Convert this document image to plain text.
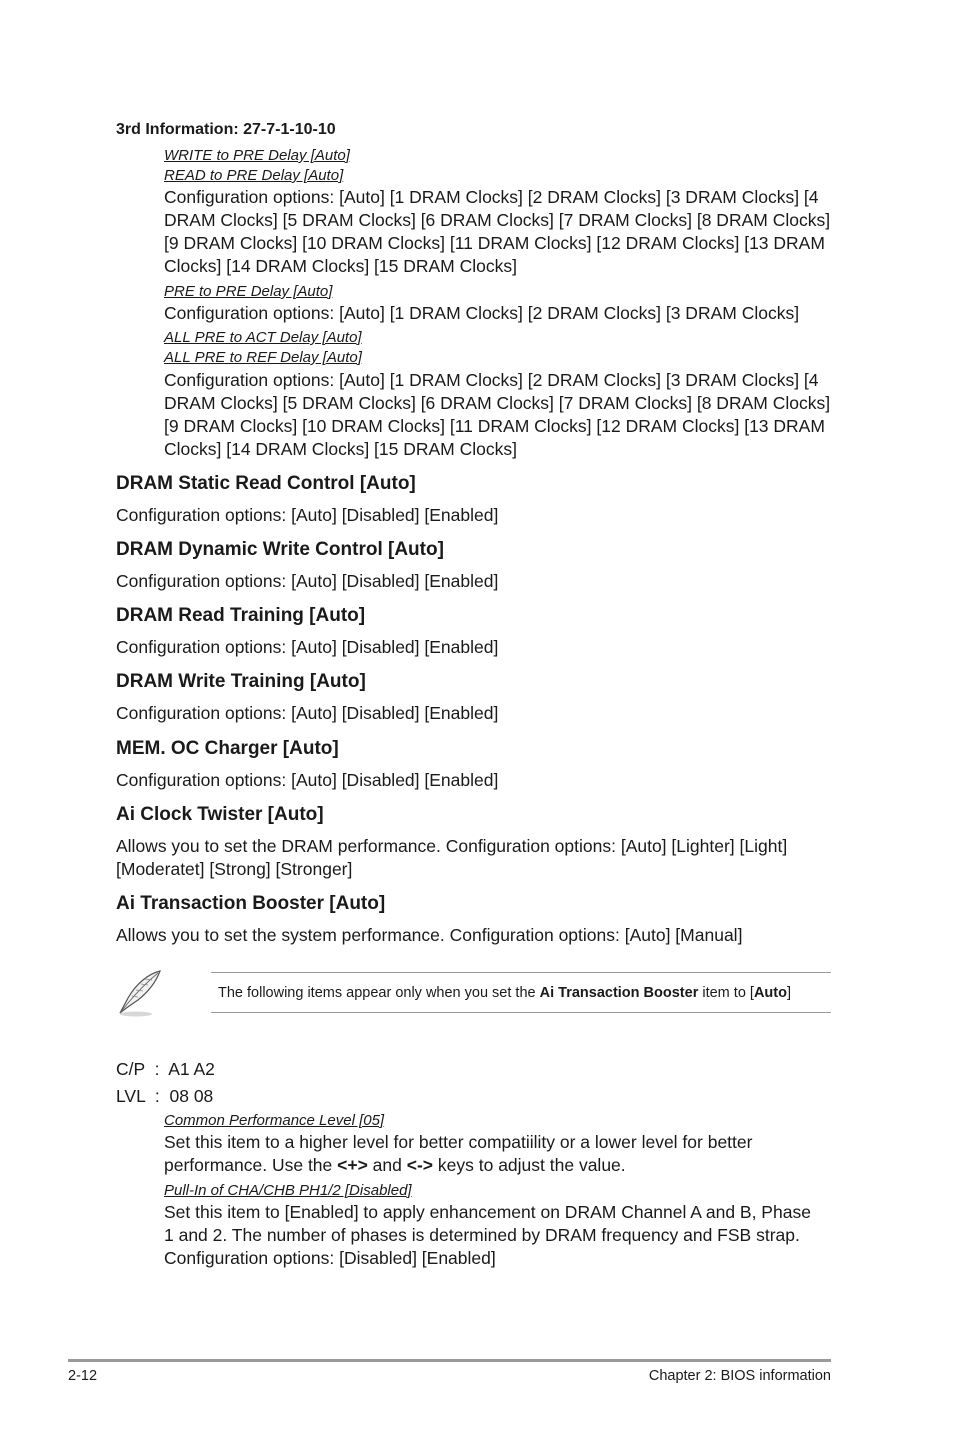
3rd Information: 27-7-1-10-10
WRITE to PRE Delay [Auto]
READ to PRE Delay [Auto]
Configuration options: [Auto] [1 DRAM Clocks] [2 DRAM Clocks] [3 DRAM Clocks] [4
DRAM Clocks] [5 DRAM Clocks] [6 DRAM Clocks] [7 DRAM Clocks] [8 DRAM Clocks]
[9 DRAM Clocks] [10 DRAM Clocks] [11 DRAM Clocks] [12 DRAM Clocks] [13 DRAM
Clocks] [14 DRAM Clocks] [15 DRAM Clocks]
PRE to PRE Delay [Auto]
Configuration options: [Auto] [1 DRAM Clocks] [2 DRAM Clocks] [3 DRAM Clocks]
ALL PRE to ACT Delay [Auto]
ALL PRE to REF Delay [Auto]
Configuration options: [Auto] [1 DRAM Clocks] [2 DRAM Clocks] [3 DRAM Clocks] [4
DRAM Clocks] [5 DRAM Clocks] [6 DRAM Clocks] [7 DRAM Clocks] [8 DRAM Clocks]
[9 DRAM Clocks] [10 DRAM Clocks] [11 DRAM Clocks] [12 DRAM Clocks] [13 DRAM
Clocks] [14 DRAM Clocks] [15 DRAM Clocks]
DRAM Static Read Control [Auto]
Configuration options: [Auto] [Disabled] [Enabled]
DRAM Dynamic Write Control [Auto]
Configuration options: [Auto] [Disabled] [Enabled]
DRAM Read Training [Auto]
Configuration options: [Auto] [Disabled] [Enabled]
DRAM Write Training [Auto]
Configuration options: [Auto] [Disabled] [Enabled]
MEM. OC Charger [Auto]
Configuration options: [Auto] [Disabled] [Enabled]
Ai Clock Twister [Auto]
Allows you to set the DRAM performance. Configuration options: [Auto] [Lighter] [Light]
[Moderatet] [Strong] [Stronger]
Ai Transaction Booster [Auto]
Allows you to set the system performance. Configuration options: [Auto] [Manual]
The following items appear only when you set the Ai Transaction Booster item to [Auto]
C/P  :  A1 A2
LVL  :  08 08
Common Performance Level [05]
Set this item to a higher level for better compatiility or a lower level for better
performance. Use the <+> and <-> keys to adjust the value.
Pull-In of CHA/CHB PH1/2 [Disabled]
Set this item to [Enabled] to apply enhancement on DRAM Channel A and B, Phase
1 and 2. The number of phases is determined by DRAM frequency and FSB strap.
Configuration options: [Disabled] [Enabled]
2-12	Chapter 2: BIOS information
